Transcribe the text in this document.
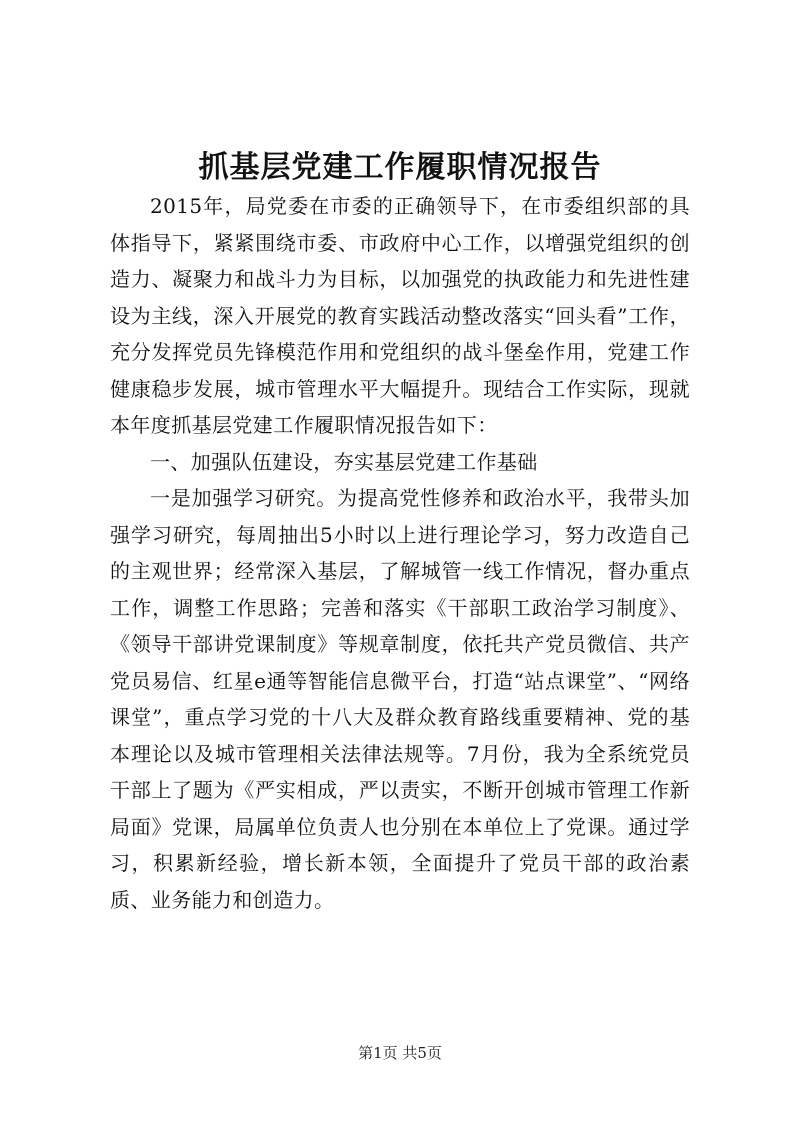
抓基层党建工作履职情况报告

2015年，局党委在市委的正确领导下，在市委组织部的具体指导下，紧紧围绕市委、市政府中心工作，以增强党组织的创造力、凝聚力和战斗力为目标，以加强党的执政能力和先进性建设为主线，深入开展党的教育实践活动整改落实“回头看”工作，充分发挥党员先锋模范作用和党组织的战斗堡垒作用，党建工作健康稳步发展，城市管理水平大幅提升。现结合工作实际，现就本年度抓基层党建工作履职情况报告如下：

一、加强队伍建设，夯实基层党建工作基础

一是加强学习研究。为提高党性修养和政治水平，我带头加强学习研究，每周抽出5小时以上进行理论学习，努力改造自己的主观世界；经常深入基层，了解城管一线工作情况，督办重点工作，调整工作思路；完善和落实《干部职工政治学习制度》、《领导干部讲党课制度》等规章制度，依托共产党员微信、共产党员易信、红星e通等智能信息微平台，打造“站点课堂”、“网络课堂”，重点学习党的十八大及群众教育路线重要精神、党的基本理论以及城市管理相关法律法规等。7月份，我为全系统党员干部上了题为《严实相成，严以责实，不断开创城市管理工作新局面》党课，局属单位负责人也分别在本单位上了党课。通过学习，积累新经验，增长新本领，全面提升了党员干部的政治素质、业务能力和创造力。

第1页 共5页
